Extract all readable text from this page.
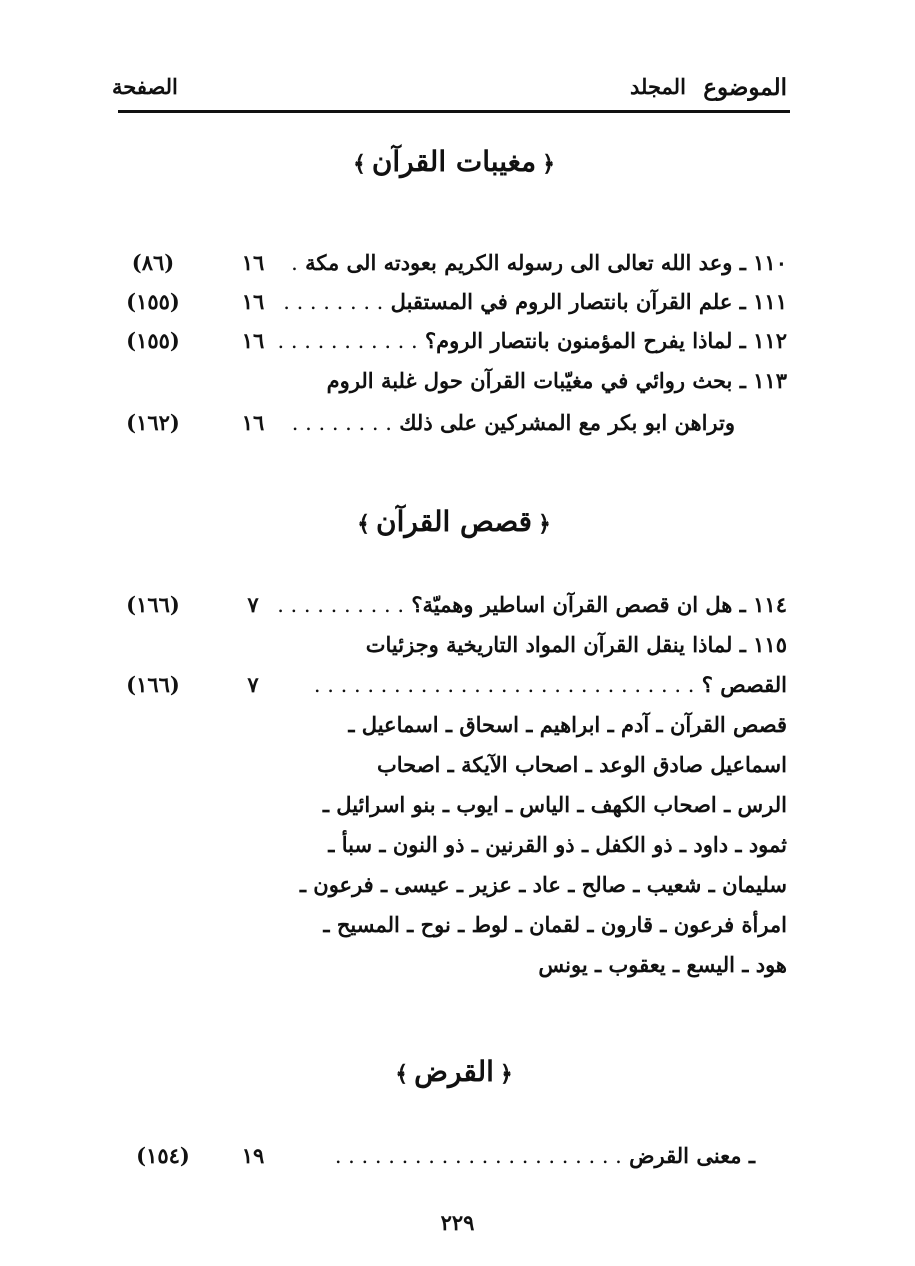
الموضوع
المجلد
الصفحة
﴿مغيبات القرآن﴾
١١٠ ـ وعد الله تعالى الى رسوله الكريم بعودته الى مكة .
١٦
(٨٦)
١١١ ـ علم القرآن بانتصار الروم في المستقبل . . . . . . . .
١٦
(١٥٥)
١١٢ ـ لماذا يفرح المؤمنون بانتصار الروم؟ . . . . . . . . . . .
١٦
(١٥٥)
١١٣ ـ بحث روائي في مغيّبات القرآن حول غلبة الروم
وتراهن ابو بكر مع المشركين على ذلك . . . . . . . .
١٦
(١٦٢)
﴿قصص القرآن﴾
١١٤ ـ هل ان قصص القرآن اساطير وهميّة؟ . . . . . . . . . .
٧
(١٦٦)
١١٥ ـ لماذا ينقل القرآن المواد التاريخية وجزئيات
القصص ؟ . . . . . . . . . . . . . . . . . . . . . . . . . . . . .
٧
(١٦٦)
قصص القرآن ـ آدم ـ ابراهيم ـ اسحاق ـ اسماعيل ـ
اسماعيل صادق الوعد ـ اصحاب الآيكة ـ اصحاب
الرس ـ اصحاب الكهف ـ الياس ـ ايوب ـ بنو اسرائيل ـ
ثمود ـ داود ـ ذو الكفل ـ ذو القرنين ـ ذو النون ـ سبأ ـ
سليمان ـ شعيب ـ صالح ـ عاد ـ عزير ـ عيسى ـ فرعون ـ
امرأة فرعون ـ قارون ـ لقمان ـ لوط ـ نوح ـ المسيح ـ
هود ـ اليسع ـ يعقوب ـ يونس
﴿القرض﴾
ـ معنى القرض . . . . . . . . . . . . . . . . . . . . . .
١٩
(١٥٤)
٢٢٩
